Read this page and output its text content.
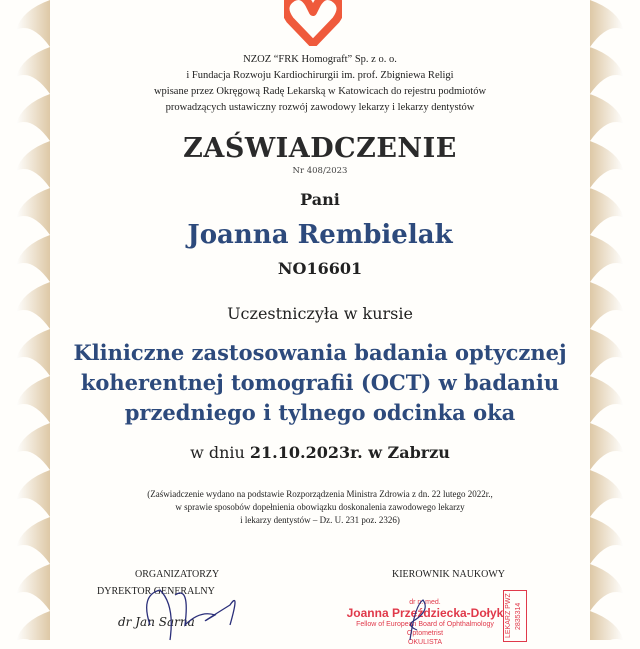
NZOZ “FRK Homograft” Sp. z o. o.
i Fundacja Rozwoju Kardiochirurgii im. prof. Zbigniewa Religi
wpisane przez Okręgową Radę Lekarską w Katowicach do rejestru podmiotów
prowadzących ustawiczny rozwój zawodowy lekarzy i lekarzy dentystów
ZAŚWIADCZENIE
Nr 408/2023
Pani
Joanna Rembielak
NO16601
Uczestniczyła w kursie
Kliniczne zastosowania badania optycznej
koherentnej tomografii (OCT) w badaniu
przedniego i tylnego odcinka oka
w dniu 21.10.2023r. w Zabrzu
(Zaświadczenie wydano na podstawie Rozporządzenia Ministra Zdrowia z dn. 22 lutego 2022r.,
w sprawie sposobów dopełnienia obowiązku doskonalenia zawodowego lekarzy
i lekarzy dentystów – Dz. U. 231 poz. 2326)
ORGANIZATORZY
DYREKTOR GENERALNY
dr Jan Sarna
KIEROWNIK NAUKOWY
dr n. med.
Joanna Przeździecka-Dołyk
Fellow of European Board of Ophthalmology
Optometrist
OKULISTA
LEKARZ PWZ 2835314
